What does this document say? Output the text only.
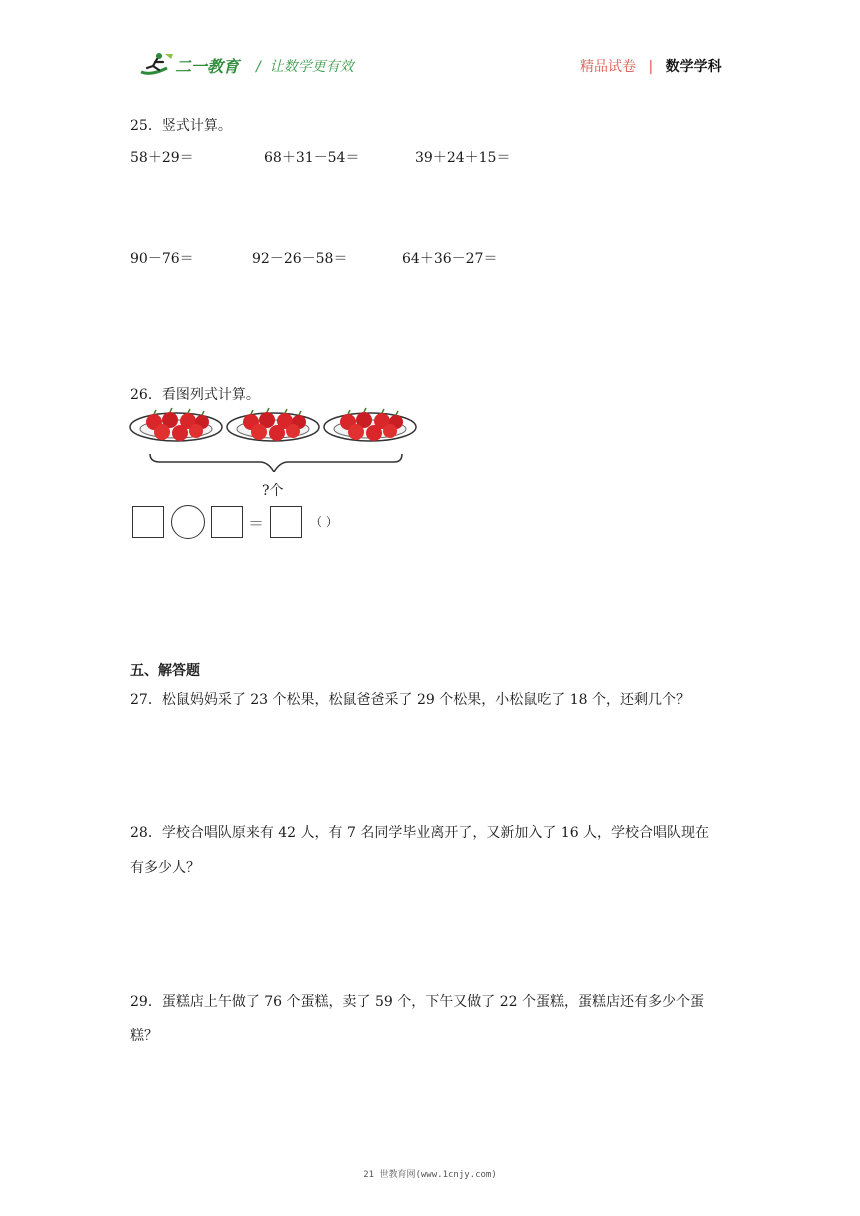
二一教育 /  让数学更有效	精品试卷 | 数学学科
25．竖式计算。
58＋29＝	68＋31－54＝	39＋24＋15＝
90－76＝	92－26－58＝	64＋36－27＝
26．看图列式计算。
?个
＝	（ ）
五、解答题
27．松鼠妈妈采了 23 个松果，松鼠爸爸采了 29 个松果，小松鼠吃了 18 个，还剩几个？
28．学校合唱队原来有 42 人，有 7 名同学毕业离开了，又新加入了 16 人，学校合唱队现在
有多少人？
29．蛋糕店上午做了 76 个蛋糕，卖了 59 个，下午又做了 22 个蛋糕，蛋糕店还有多少个蛋
糕？
21 世教育网(www.1cnjy.com)
